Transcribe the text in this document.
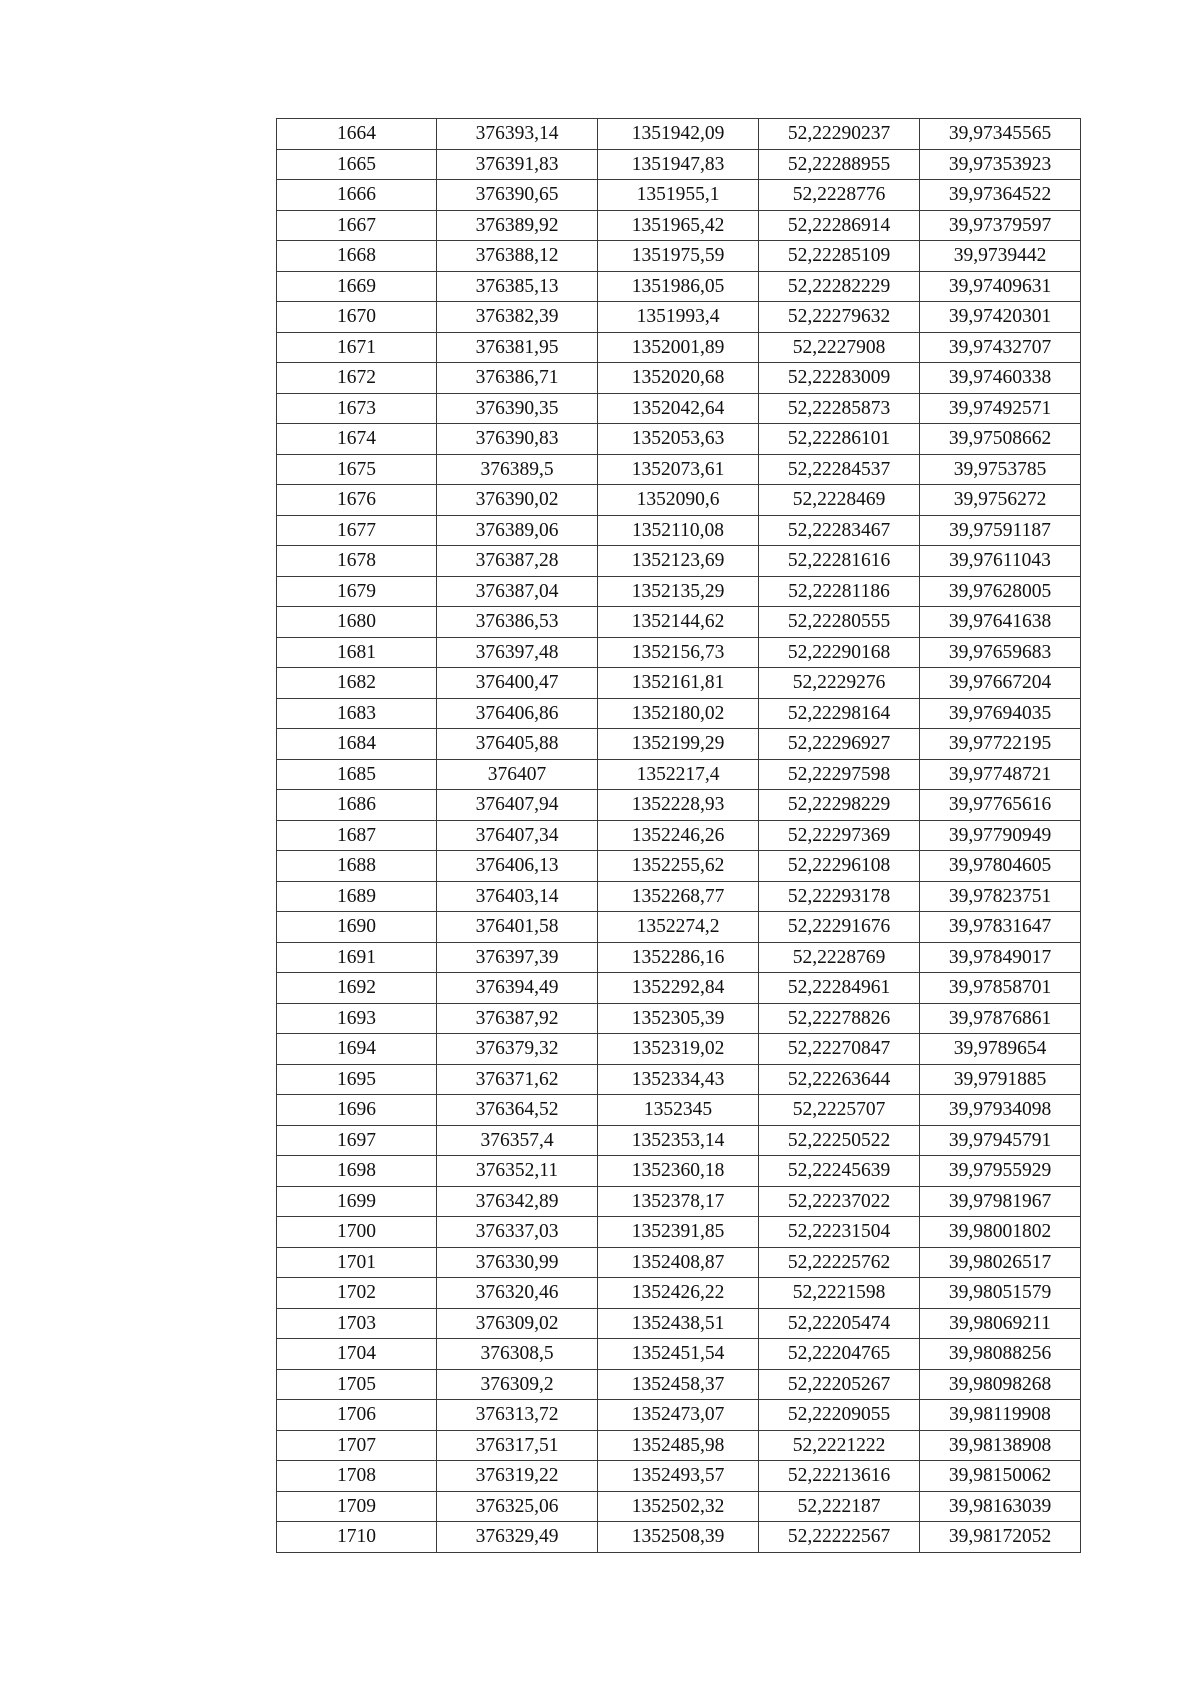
1664	376393,14	1351942,09	52,22290237	39,97345565
1665	376391,83	1351947,83	52,22288955	39,97353923
1666	376390,65	1351955,1	52,2228776	39,97364522
1667	376389,92	1351965,42	52,22286914	39,97379597
1668	376388,12	1351975,59	52,22285109	39,9739442
1669	376385,13	1351986,05	52,22282229	39,97409631
1670	376382,39	1351993,4	52,22279632	39,97420301
1671	376381,95	1352001,89	52,2227908	39,97432707
1672	376386,71	1352020,68	52,22283009	39,97460338
1673	376390,35	1352042,64	52,22285873	39,97492571
1674	376390,83	1352053,63	52,22286101	39,97508662
1675	376389,5	1352073,61	52,22284537	39,9753785
1676	376390,02	1352090,6	52,2228469	39,9756272
1677	376389,06	1352110,08	52,22283467	39,97591187
1678	376387,28	1352123,69	52,22281616	39,97611043
1679	376387,04	1352135,29	52,22281186	39,97628005
1680	376386,53	1352144,62	52,22280555	39,97641638
1681	376397,48	1352156,73	52,22290168	39,97659683
1682	376400,47	1352161,81	52,2229276	39,97667204
1683	376406,86	1352180,02	52,22298164	39,97694035
1684	376405,88	1352199,29	52,22296927	39,97722195
1685	376407	1352217,4	52,22297598	39,97748721
1686	376407,94	1352228,93	52,22298229	39,97765616
1687	376407,34	1352246,26	52,22297369	39,97790949
1688	376406,13	1352255,62	52,22296108	39,97804605
1689	376403,14	1352268,77	52,22293178	39,97823751
1690	376401,58	1352274,2	52,22291676	39,97831647
1691	376397,39	1352286,16	52,2228769	39,97849017
1692	376394,49	1352292,84	52,22284961	39,97858701
1693	376387,92	1352305,39	52,22278826	39,97876861
1694	376379,32	1352319,02	52,22270847	39,9789654
1695	376371,62	1352334,43	52,22263644	39,9791885
1696	376364,52	1352345	52,2225707	39,97934098
1697	376357,4	1352353,14	52,22250522	39,97945791
1698	376352,11	1352360,18	52,22245639	39,97955929
1699	376342,89	1352378,17	52,22237022	39,97981967
1700	376337,03	1352391,85	52,22231504	39,98001802
1701	376330,99	1352408,87	52,22225762	39,98026517
1702	376320,46	1352426,22	52,2221598	39,98051579
1703	376309,02	1352438,51	52,22205474	39,98069211
1704	376308,5	1352451,54	52,22204765	39,98088256
1705	376309,2	1352458,37	52,22205267	39,98098268
1706	376313,72	1352473,07	52,22209055	39,98119908
1707	376317,51	1352485,98	52,2221222	39,98138908
1708	376319,22	1352493,57	52,22213616	39,98150062
1709	376325,06	1352502,32	52,222187	39,98163039
1710	376329,49	1352508,39	52,22222567	39,98172052
